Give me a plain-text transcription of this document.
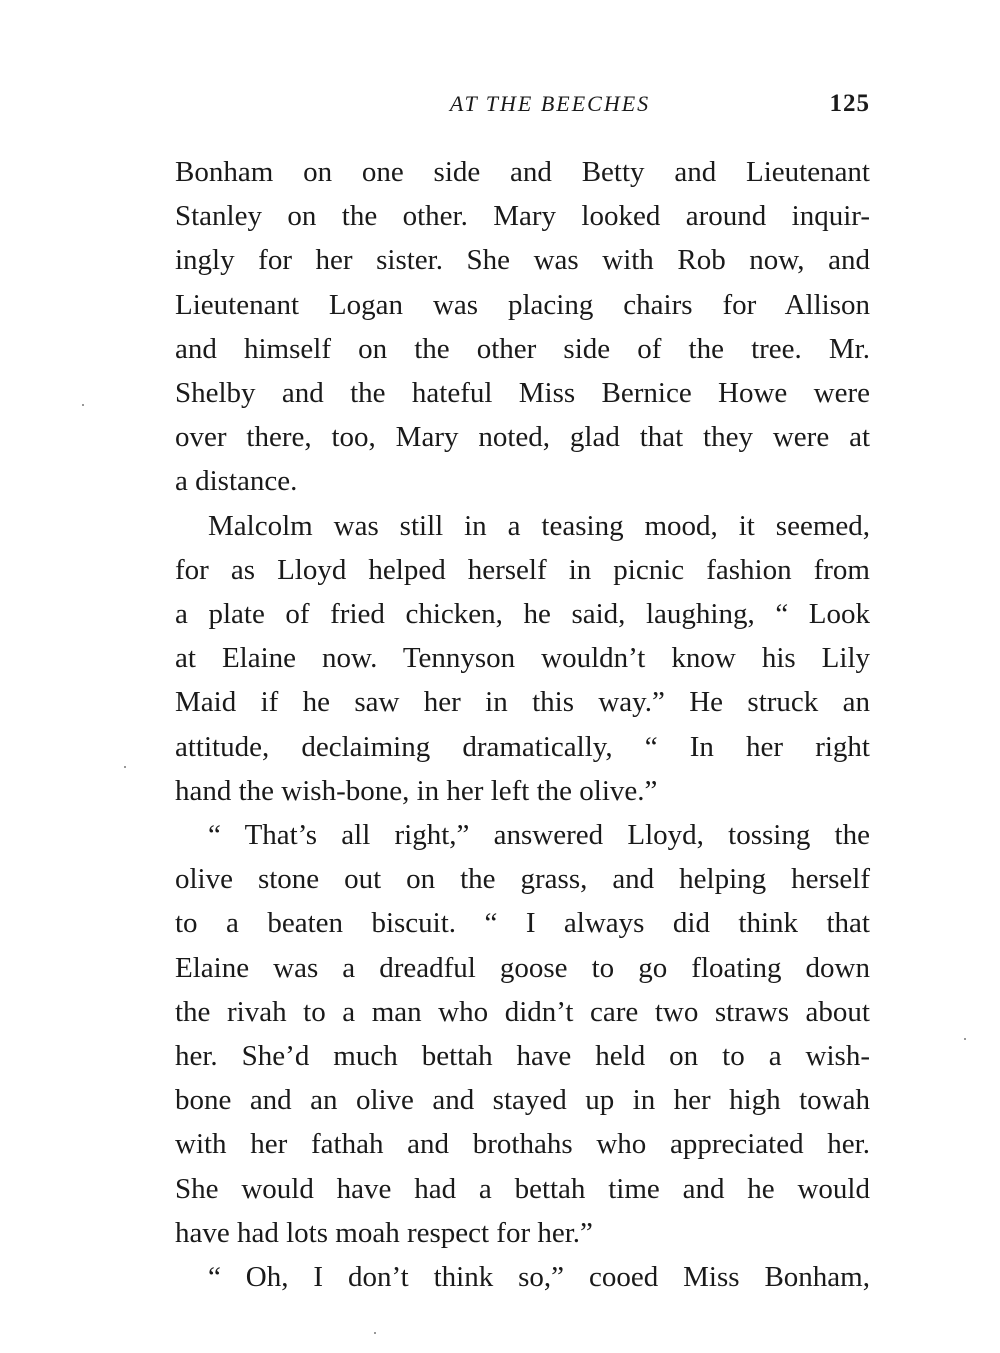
AT THE BEECHES	125

Bonham on one side and Betty and Lieutenant

Stanley on the other. Mary looked around inquir-

ingly for her sister. She was with Rob now, and

Lieutenant Logan was placing chairs for Allison

and himself on the other side of the tree. Mr.

Shelby and the hateful Miss Bernice Howe were

over there, too, Mary noted, glad that they were at

a distance.

Malcolm was still in a teasing mood, it seemed,

for as Lloyd helped herself in picnic fashion from

a plate of fried chicken, he said, laughing, “ Look

at Elaine now. Tennyson wouldn’t know his Lily

Maid if he saw her in this way.” He struck an

attitude, declaiming dramatically, “ In her right

hand the wish-bone, in her left the olive.”

“ That’s all right,” answered Lloyd, tossing the

olive stone out on the grass, and helping herself

to a beaten biscuit. “ I always did think that

Elaine was a dreadful goose to go floating down

the rivah to a man who didn’t care two straws about

her. She’d much bettah have held on to a wish-

bone and an olive and stayed up in her high towah

with her fathah and brothahs who appreciated her.

She would have had a bettah time and he would

have had lots moah respect for her.”

“ Oh, I don’t think so,” cooed Miss Bonham,
